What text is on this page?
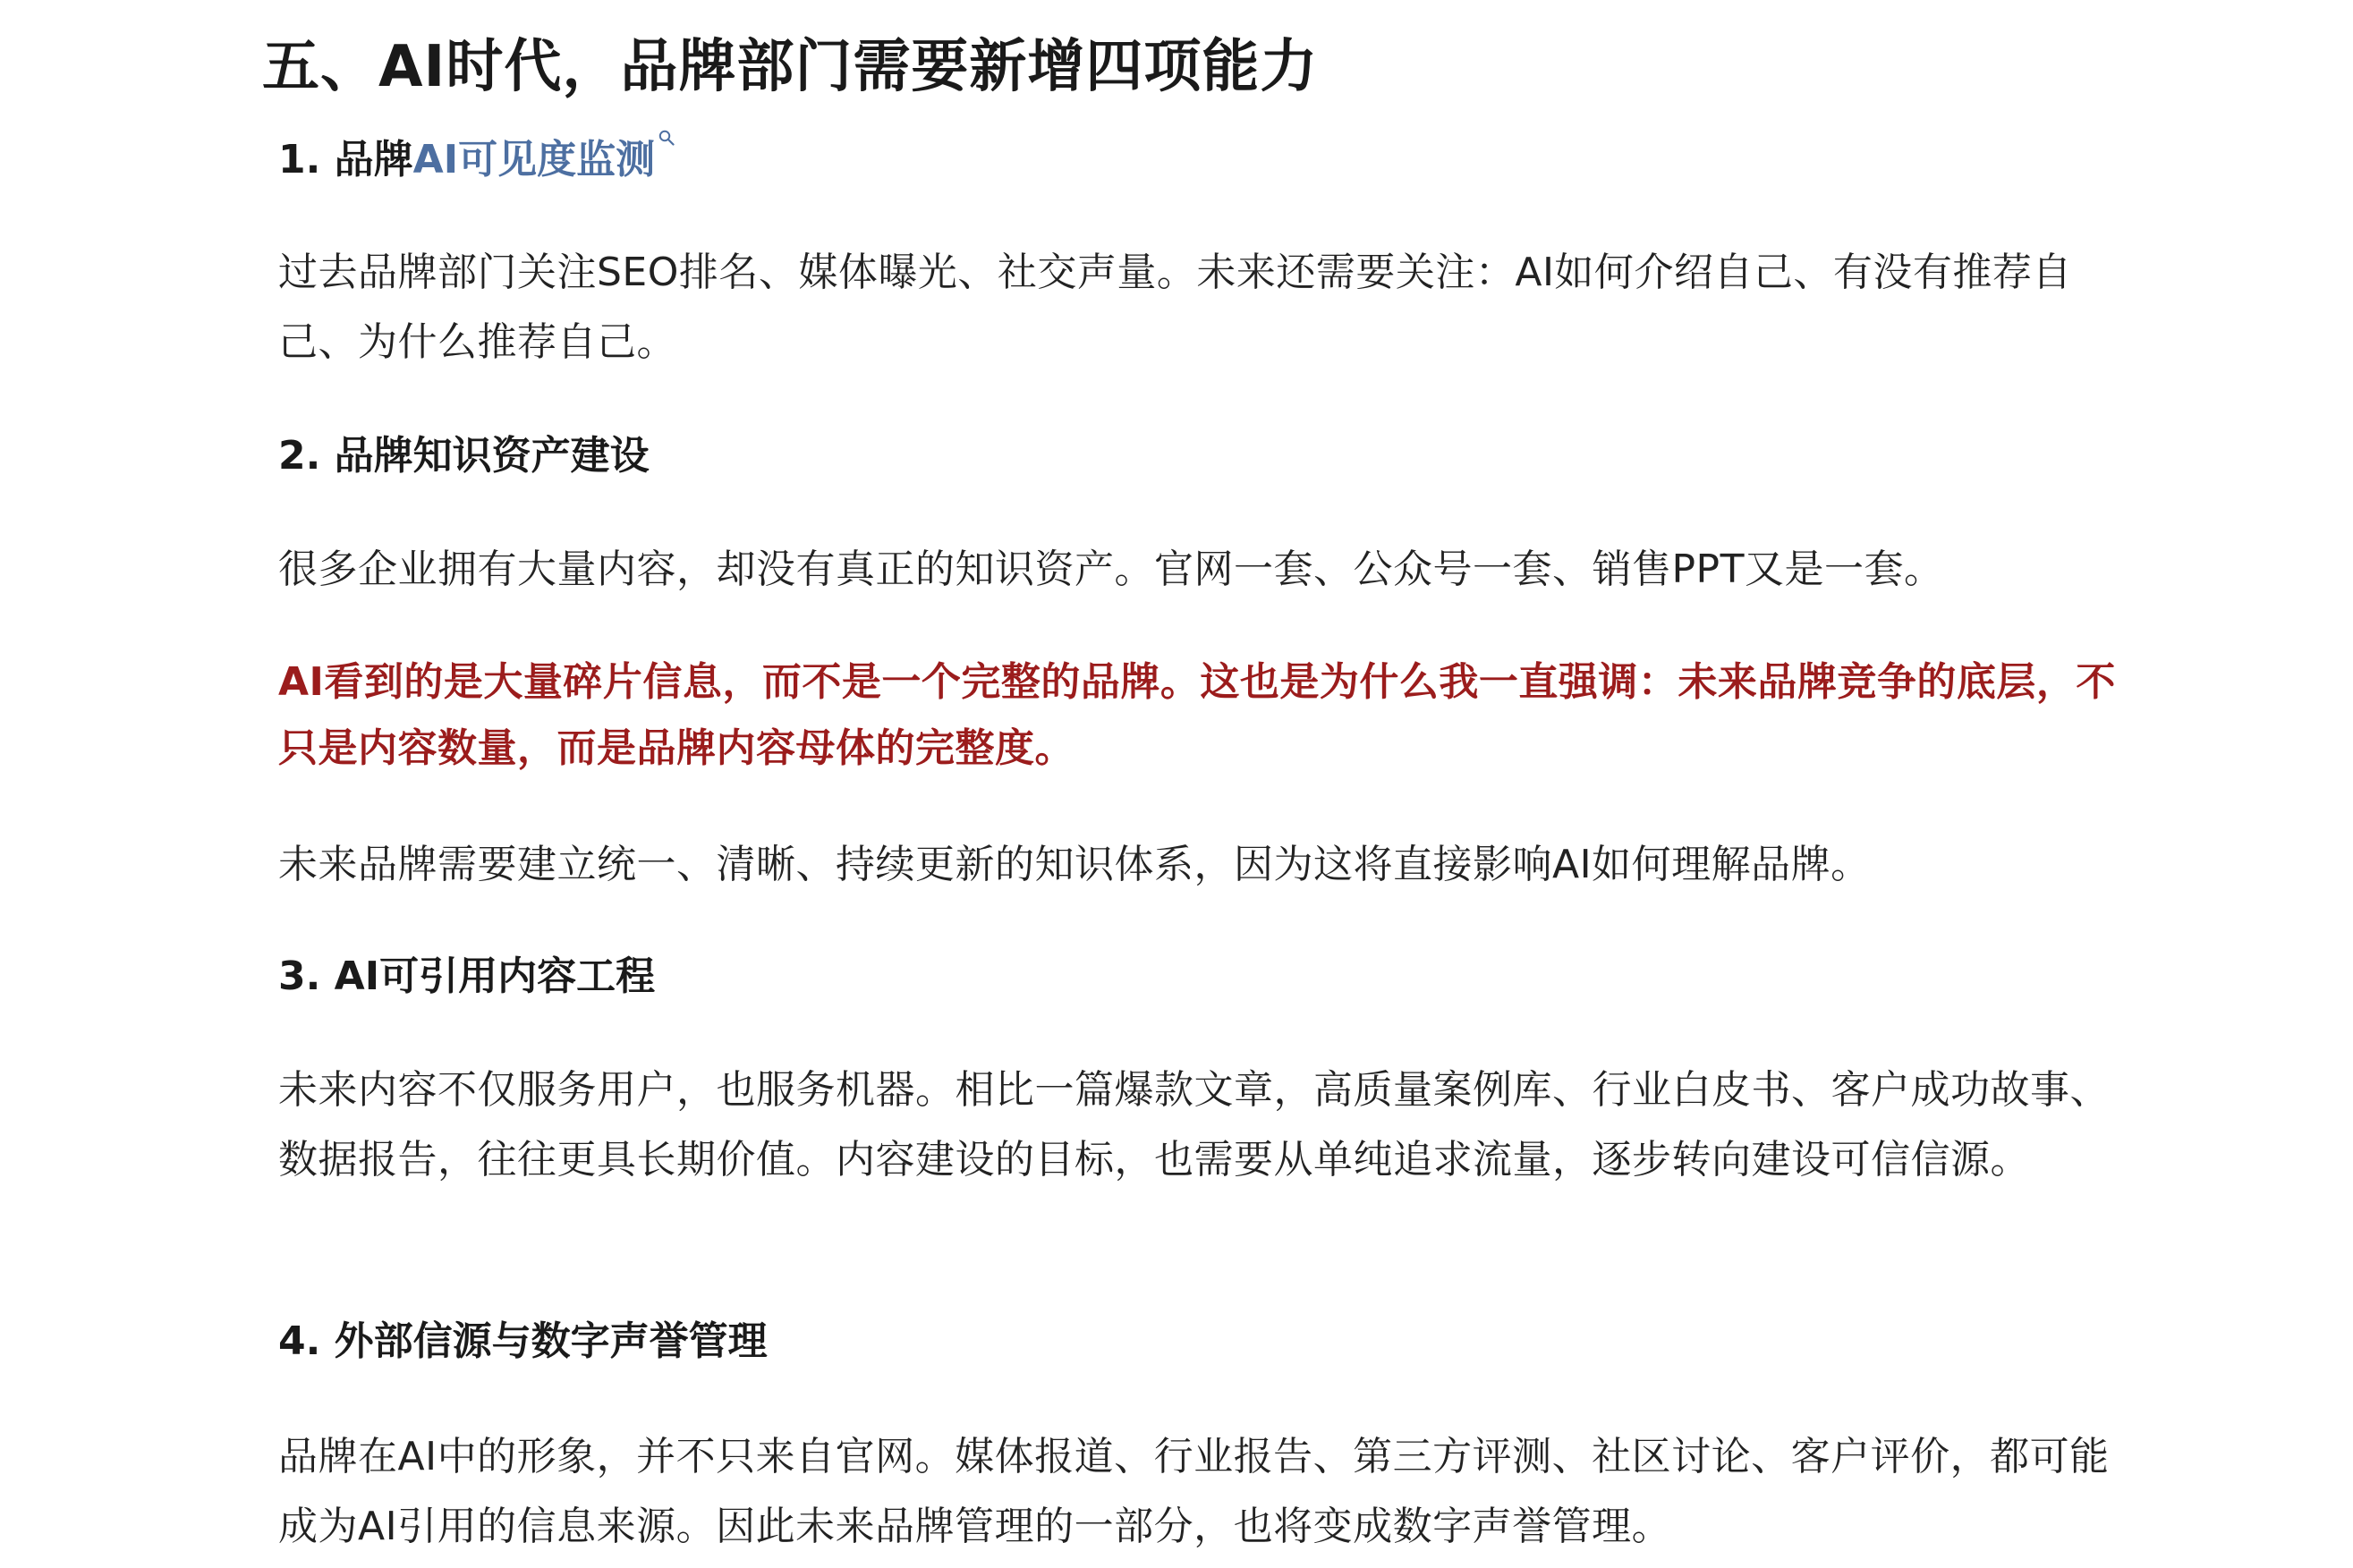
五、AI时代，品牌部门需要新增四项能力
1. 品牌AI可见度监测

过去品牌部门关注SEO排名、媒体曝光、社交声量。未来还需要关注：AI如何介绍自己、有没有推荐自己、为什么推荐自己。

2. 品牌知识资产建设

很多企业拥有大量内容，却没有真正的知识资产。官网一套、公众号一套、销售PPT又是一套。

AI看到的是大量碎片信息，而不是一个完整的品牌。这也是为什么我一直强调：未来品牌竞争的底层，不只是内容数量，而是品牌内容母体的完整度。

未来品牌需要建立统一、清晰、持续更新的知识体系，因为这将直接影响AI如何理解品牌。

3. AI可引用内容工程

未来内容不仅服务用户，也服务机器。相比一篇爆款文章，高质量案例库、行业白皮书、客户成功故事、数据报告，往往更具长期价值。内容建设的目标，也需要从单纯追求流量，逐步转向建设可信信源。

4. 外部信源与数字声誉管理

品牌在AI中的形象，并不只来自官网。媒体报道、行业报告、第三方评测、社区讨论、客户评价，都可能成为AI引用的信息来源。因此未来品牌管理的一部分，也将变成数字声誉管理。
